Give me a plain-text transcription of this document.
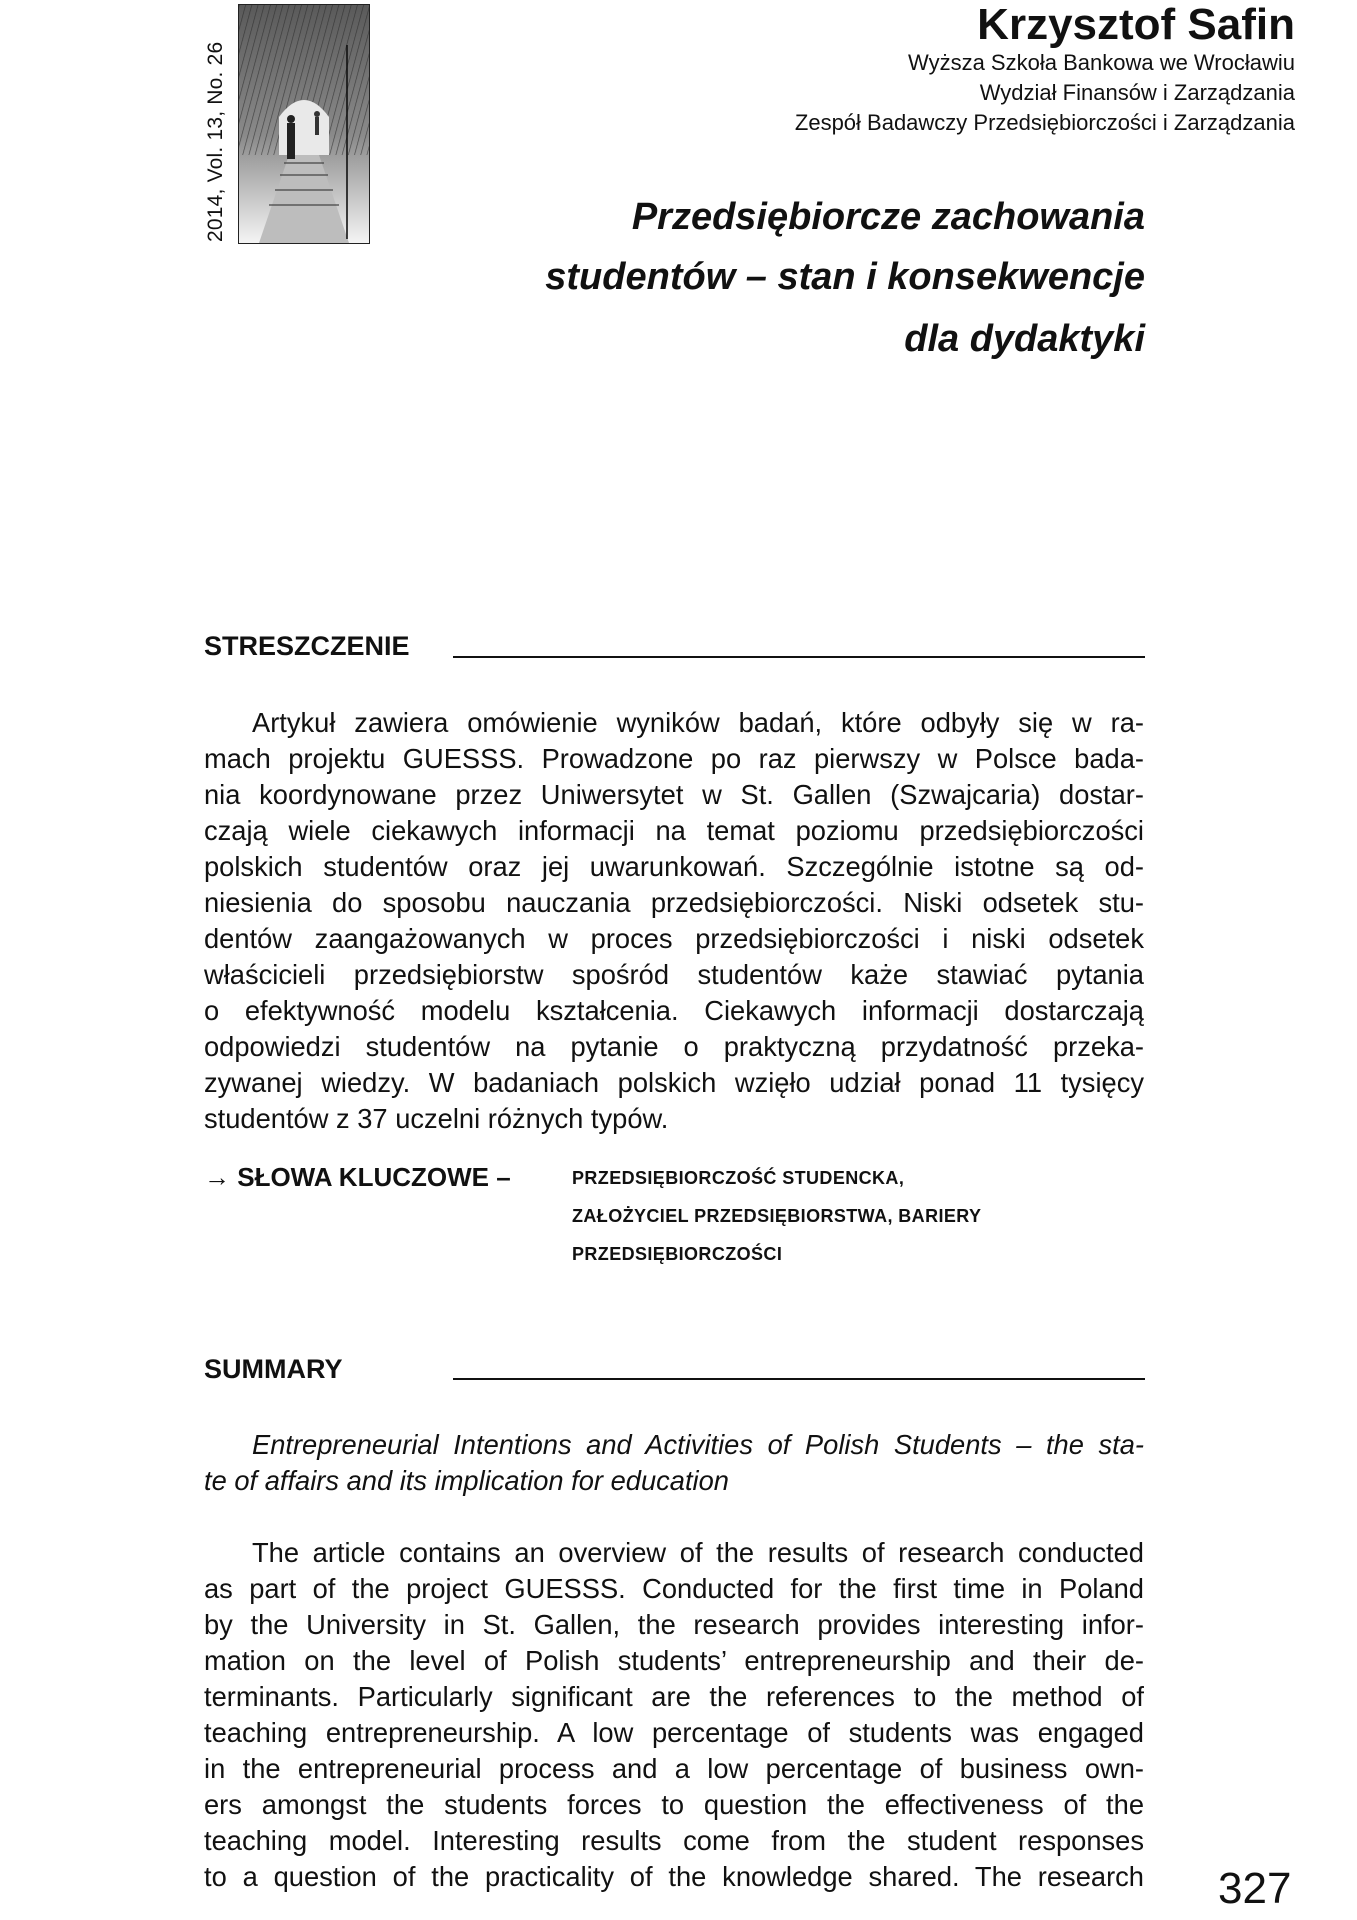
2014, Vol. 13, No. 26
Krzysztof Safin
Wyższa Szkoła Bankowa we Wrocławiu
Wydział Finansów i Zarządzania
Zespół Badawczy Przedsiębiorczości i Zarządzania
Przedsiębiorcze zachowania
studentów – stan i konsekwencje
dla dydaktyki
STRESZCZENIE
Artykuł zawiera omówienie wyników badań, które odbyły się w ra-
mach projektu GUESSS. Prowadzone po raz pierwszy w Polsce bada-
nia koordynowane przez Uniwersytet w St. Gallen (Szwajcaria) dostar-
czają wiele ciekawych informacji na temat poziomu przedsiębiorczości
polskich studentów oraz jej uwarunkowań. Szczególnie istotne są od-
niesienia do sposobu nauczania przedsiębiorczości. Niski odsetek stu-
dentów zaangażowanych w proces przedsiębiorczości i niski odsetek
właścicieli przedsiębiorstw spośród studentów każe stawiać pytania
o efektywność modelu kształcenia. Ciekawych informacji dostarczają
odpowiedzi studentów na pytanie o praktyczną przydatność przeka-
zywanej wiedzy. W badaniach polskich wzięło udział ponad 11 tysięcy
studentów z 37 uczelni różnych typów.
→ SŁOWA KLUCZOWE –	PRZEDSIĘBIORCZOŚĆ STUDENCKA,
ZAŁOŻYCIEL PRZEDSIĘBIORSTWA, BARIERY
PRZEDSIĘBIORCZOŚCI
SUMMARY
Entrepreneurial Intentions and Activities of Polish Students – the sta-
te of affairs and its implication for education
The article contains an overview of the results of research conducted
as part of the project GUESSS. Conducted for the first time in Poland
by the University in St. Gallen, the research provides interesting infor-
mation on the level of Polish students’ entrepreneurship and their de-
terminants. Particularly significant are the references to the method of
teaching entrepreneurship. A low percentage of students was engaged
in the entrepreneurial process and a low percentage of business own-
ers amongst the students forces to question the effectiveness of the
teaching model. Interesting results come from the student responses
to a question of the practicality of the knowledge shared. The research 327
